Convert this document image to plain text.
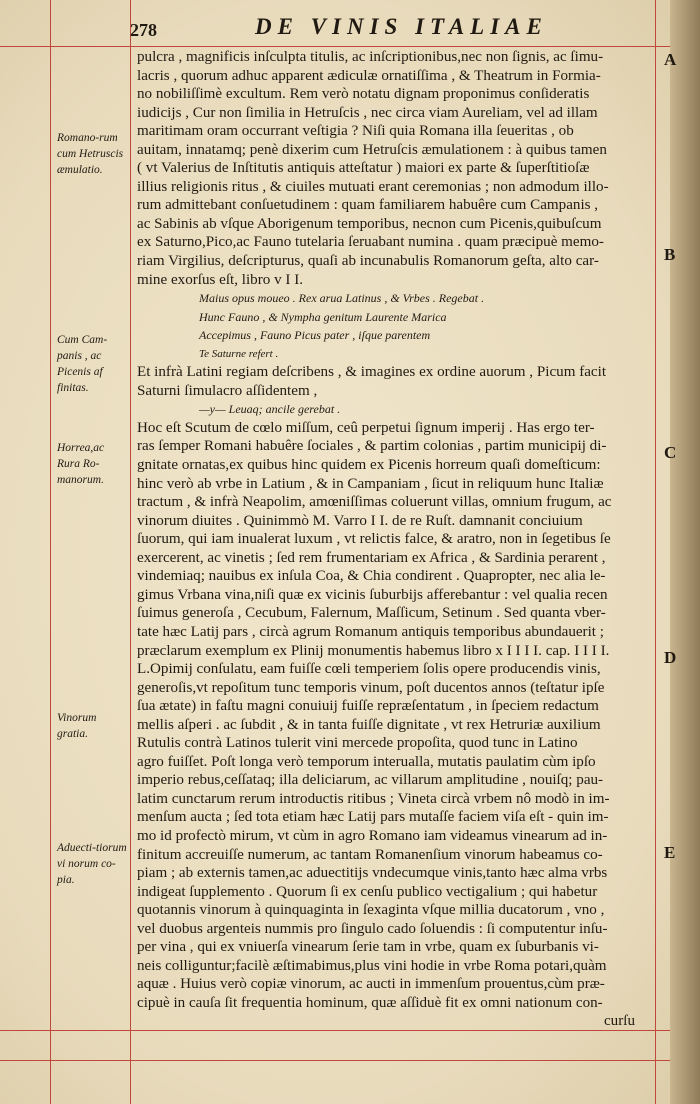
278	DE VINIS ITALIAE
Romano-rum cum Hetruscis æmulatio.
Cum Cam-panis , ac Picenis af finitas.
Horrea,ac Rura Ro-manorum.
Vinorum gratia.
Aduecti-tiorum vi norum co-pia.
A
B
C
D
E
pulcra , magnificis inſculpta titulis, ac inſcriptionibus,nec non ſignis, ac ſimu-
lacris , quorum adhuc apparent ædiculæ ornatiſſima , & Theatrum in Formia-
no nobiliſſimè excultum. Rem verò notatu dignam proponimus conſideratis
iudicijs , Cur non ſimilia in Hetruſcis , nec circa viam Aureliam, vel ad illam
maritimam oram occurrant veſtigia ? Niſi quia Romana illa ſeueritas , ob
auitam, innatamq; penè dixerim cum Hetruſcis æmulationem : à quibus tamen
( vt Valerius de Inſtitutis antiquis atteſtatur ) maiori ex parte & ſuperſtitioſæ
illius religionis ritus , & ciuiles mutuati erant ceremonias ; non admodum illo-
rum admittebant conſuetudinem : quam familiarem habuêre cum Campanis ,
ac Sabinis ab vſque Aborigenum temporibus, necnon cum Picenis,quibuſcum
ex Saturno,Pico,ac Fauno tutelaria ſeruabant numina . quam præcipuè memo-
riam Virgilius, deſcripturus, quaſi ab incunabulis Romanorum geſta, alto car-
mine exorſus eſt, libro v I I.
Maius opus moueo . Rex arua Latinus , & Vrbes . Regebat .
Hunc Fauno , & Nympha genitum Laurente Marica
Accepimus , Fauno Picus pater , iſque parentem
Te Saturne refert .
Et infrà Latini regiam deſcribens , & imagines ex ordine auorum , Picum facit
Saturni ſimulacro aſſidentem ,
—y— Leuaq; ancile gerebat .
Hoc eſt Scutum de cœlo miſſum, ceû perpetui ſignum imperij . Has ergo ter-
ras ſemper Romani habuêre ſociales , & partim colonias , partim municipij di-
gnitate ornatas,ex quibus hinc quidem ex Picenis horreum quaſi domeſticum:
hinc verò ab vrbe in Latium , & in Campaniam , ſicut in reliquum hunc Italiæ
tractum , & infrà Neapolim, amœniſſimas coluerunt villas, omnium frugum, ac
vinorum diuites . Quinimmò M. Varro I I. de re Ruſt. damnanit conciuium
ſuorum, qui iam inualerat luxum , vt relictis falce, & aratro, non in ſegetibus ſe
exercerent, ac vinetis ; ſed rem frumentariam ex Africa , & Sardinia perarent ,
vindemiaq; nauibus ex inſula Coa, & Chia condirent . Quapropter, nec alia le-
gimus Vrbana vina,niſi quæ ex vicinis ſuburbijs afferebantur : vel qualia recen
ſuimus generoſa , Cecubum, Falernum, Maſſicum, Setinum . Sed quanta vber-
tate hæc Latij pars , circà agrum Romanum antiquis temporibus abundauerit ;
præclarum exemplum ex Plinij monumentis habemus libro x I I I I. cap. I I I I.
L.Opimij conſulatu, eam fuiſſe cœli temperiem ſolis opere producendis vinis,
generoſis,vt repoſitum tunc temporis vinum, poſt ducentos annos (teſtatur ipſe
ſua ætate) in faſtu magni conuiuij fuiſſe repræſentatum , in ſpeciem redactum
mellis aſperi . ac ſubdit , & in tanta fuiſſe dignitate , vt rex Hetruriæ auxilium
Rutulis contrà Latinos tulerit vini mercede propoſita, quod tunc in Latino
agro fuiſſet. Poſt longa verò temporum interualla, mutatis paulatim cùm ipſo
imperio rebus,ceſſataq; illa deliciarum, ac villarum amplitudine , nouiſq; pau-
latim cunctarum rerum introductis ritibus ; Vineta circà vrbem nô modò in im-
menſum aucta ; ſed tota etiam hæc Latij pars mutaſſe faciem viſa eſt - quin im-
mo id profectò mirum, vt cùm in agro Romano iam videamus vinearum ad in-
finitum accreuiſſe numerum, ac tantam Romanenſium vinorum habeamus co-
piam ; ab externis tamen,ac aduectitijs vndecumque vinis,tanto hæc alma vrbs
indigeat ſupplemento . Quorum ſi ex cenſu publico vectigalium ; qui habetur
quotannis vinorum à quinquaginta in ſexaginta vſque millia ducatorum , vno ,
vel duobus argenteis nummis pro ſingulo cado ſoluendis : ſi computentur inſu-
per vina , qui ex vniuerſa vinearum ſerie tam in vrbe, quam ex ſuburbanis vi-
neis colliguntur;facilè æſtimabimus,plus vini hodie in vrbe Roma potari,quàm
aquæ . Huius verò copiæ vinorum, ac aucti in immenſum prouentus,cùm præ-
cipuè in cauſa ſit frequentia hominum, quæ aſſiduè fit ex omni nationum con-
curſu
